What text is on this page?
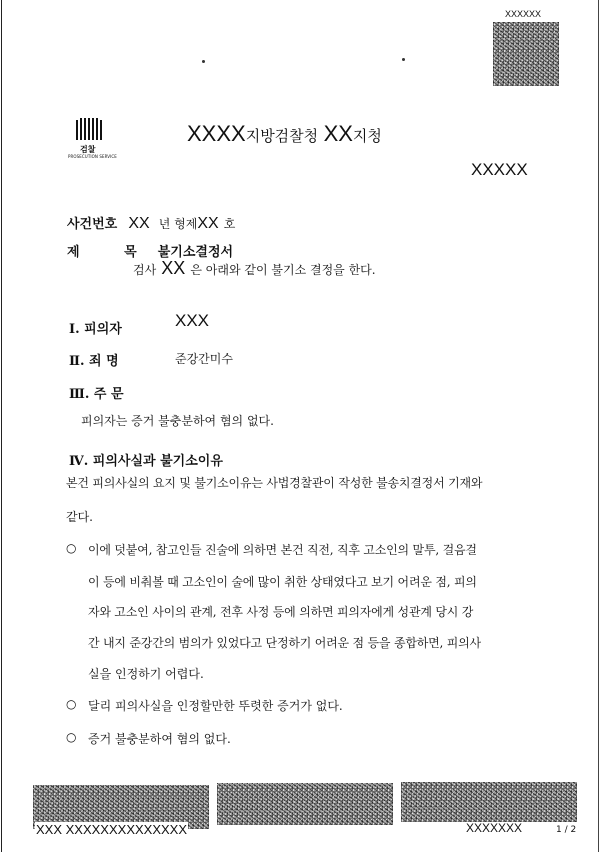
XXXXXX
검찰
PROSECUTION SERVICE
XXXX지방검찰청 XX지청
XXXXX
사건번호 XX 년 형제XX 호
제 목 불기소결정서
검사 XX 은 아래와 같이 불기소 결정을 한다.
Ⅰ. 피의자	XXX
Ⅱ. 죄 명	준강간미수
Ⅲ. 주 문
피의자는 증거 불충분하여 혐의 없다.
Ⅳ. 피의사실과 불기소이유
본건 피의사실의 요지 및 불기소이유는 사법경찰관이 작성한 불송치결정서 기재와
같다.
○ 이에 덧붙여, 참고인들 진술에 의하면 본건 직전, 직후 고소인의 말투, 걸음걸
이 등에 비춰볼 때 고소인이 술에 많이 취한 상태였다고 보기 어려운 점, 피의
자와 고소인 사이의 관계, 전후 사정 등에 의하면 피의자에게 성관계 당시 강
간 내지 준강간의 범의가 있었다고 단정하기 어려운 점 등을 종합하면, 피의사
실을 인정하기 어렵다.
○ 달리 피의사실을 인정할만한 뚜렷한 증거가 없다.
○ 증거 불충분하여 혐의 없다.
XXX XXXXXXXXXXXXXX	XXXXXXX	1 / 2
